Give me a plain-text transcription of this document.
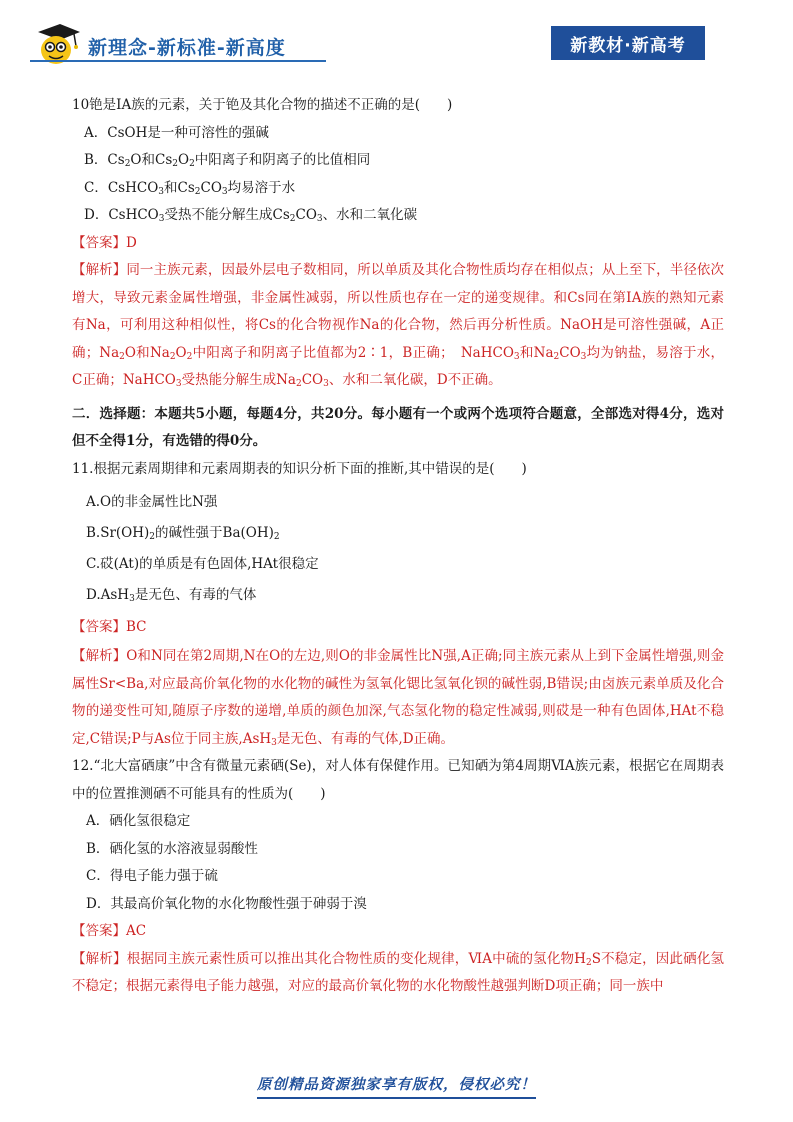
新理念-新标准-新高度	新教材·新高考
10铯是ⅠA族的元素，关于铯及其化合物的描述不正确的是(　　)
A．CsOH是一种可溶性的强碱
B．$Cs_2O$和$Cs_2O_2$中阳离子和阴离子的比值相同
C．CsHCO$_3$和$Cs_2CO_3$均易溶于水
D．CsHCO$_3$受热不能分解生成$Cs_2CO_3$、水和二氧化碳
【答案】D
【解析】同一主族元素，因最外层电子数相同，所以单质及其化合物性质均存在相似点；从上至下，半径依次增大，导致元素金属性增强，非金属性减弱，所以性质也存在一定的递变规律。和Cs同在第ⅠA族的熟知元素有Na，可利用这种相似性，将Cs的化合物视作Na的化合物，然后再分析性质。NaOH是可溶性强碱，A正确；$Na_2O$和$Na_2O_2$中阳离子和阴离子比值都为2∶1，B正确；　NaHCO$_3$和$Na_2CO_3$均为钠盐，易溶于水，C正确；NaHCO$_3$受热能分解生成$Na_2CO_3$、水和二氧化碳，D不正确。
二．选择题：本题共5小题，每题4分，共20分。每小题有一个或两个选项符合题意，全部选对得4分，选对但不全得1分，有选错的得0分。
11.根据元素周期律和元素周期表的知识分析下面的推断,其中错误的是(　　)
A.O的非金属性比N强
$B.Sr(OH)_2$的碱性强于$Ba(OH)_2$
C.砹(At)的单质是有色固体,HAt很稳定
D.AsH$_3$是无色、有毒的气体
【答案】BC
【解析】O和N同在第2周期,N在O的左边,则O的非金属性比N强,A正确;同主族元素从上到下金属性增强,则金属性Sr<Ba,对应最高价氧化物的水化物的碱性为氢氧化锶比氢氧化钡的碱性弱,B错误;由卤族元素单质及化合物的递变性可知,随原子序数的递增,单质的颜色加深,气态氢化物的稳定性减弱,则砹是一种有色固体,HAt不稳定,C错误;P与As位于同主族,AsH$_3$是无色、有毒的气体,D正确。
12.“北大富硒康”中含有微量元素硒(Se)，对人体有保健作用。已知硒为第4周期ⅥA族元素，根据它在周期表中的位置推测硒不可能具有的性质为(　　)
A．硒化氢很稳定
B．硒化氢的水溶液显弱酸性
C．得电子能力强于硫
D．其最高价氧化物的水化物酸性强于砷弱于溴
【答案】AC
【解析】根据同主族元素性质可以推出其化合物性质的变化规律，ⅥA中硫的氢化物$H_2S$不稳定，因此硒化氢不稳定；根据元素得电子能力越强，对应的最高价氧化物的水化物酸性越强判断D项正确；同一族中
原创精品资源独家享有版权，侵权必究！
